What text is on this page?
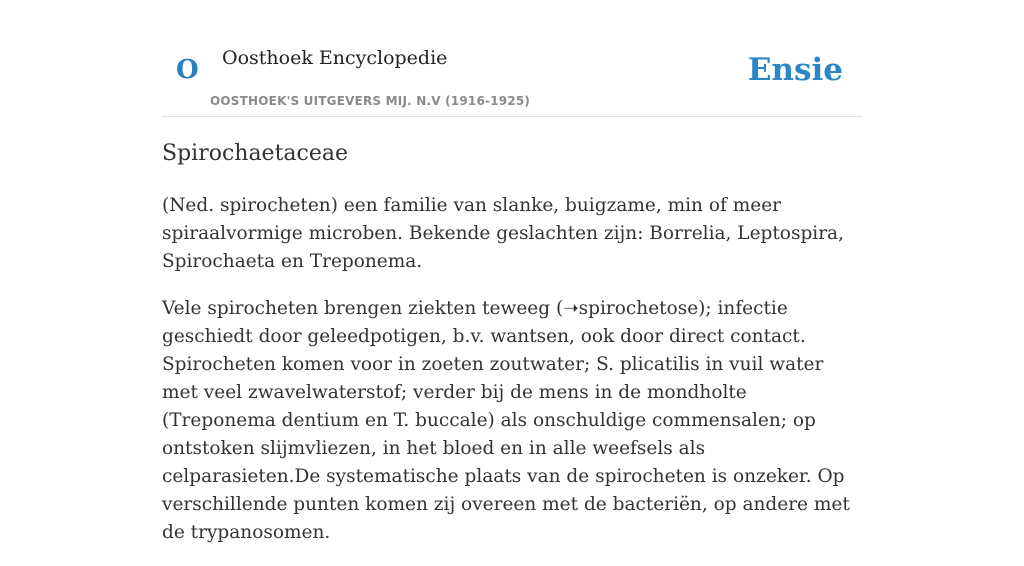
O Oosthoek Encyclopedie
OOSTHOEK'S UITGEVERS MIJ. N.V (1916-1925)
Ensie
Spirochaetaceae

(Ned. spirocheten) een familie van slanke, buigzame, min of meer spiraalvormige microben. Bekende geslachten zijn: Borrelia, Leptospira, Spirochaeta en Treponema.

Vele spirocheten brengen ziekten teweeg (➝spirochetose); infectie geschiedt door geleedpotigen, b.v. wantsen, ook door direct contact. Spirocheten komen voor in zoeten zoutwater; S. plicatilis in vuil water met veel zwavelwaterstof; verder bij de mens in de mondholte (Treponema dentium en T. buccale) als onschuldige commensalen; op ontstoken slijmvliezen, in het bloed en in alle weefsels als celparasieten.De systematische plaats van de spirocheten is onzeker. Op verschillende punten komen zij overeen met de bacteriën, op andere met de trypanosomen.
